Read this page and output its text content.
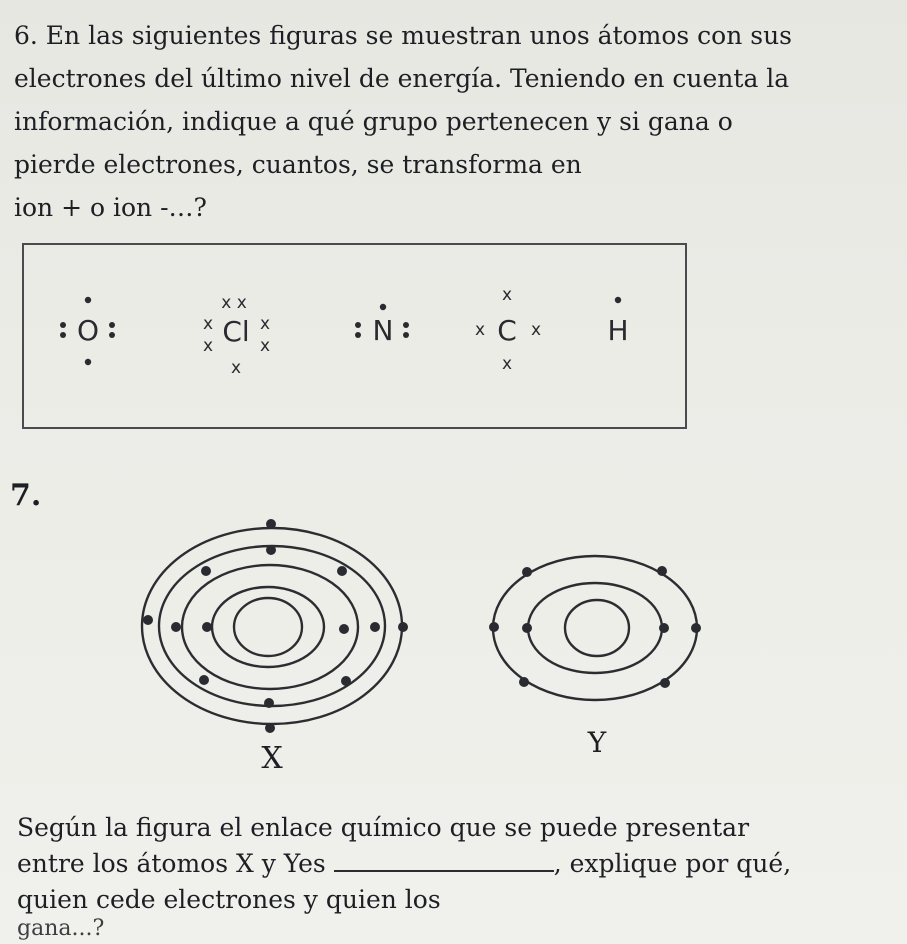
6. En las siguientes figuras se muestran unos átomos con sus
electrones del último nivel de energía. Teniendo en cuenta la
información, indique a qué grupo pertenecen y si gana o
pierde electrones, cuantos, se transforma en
ion + o ion -…?
O	Cl
x x
x
x
x
x
x	N	C
x
x
x	x H
7.
X	Y
Según la figura el enlace químico que se puede presentar
entre los átomos X y Yes	, explique por qué,
quien cede electrones y quien los
gana...?
